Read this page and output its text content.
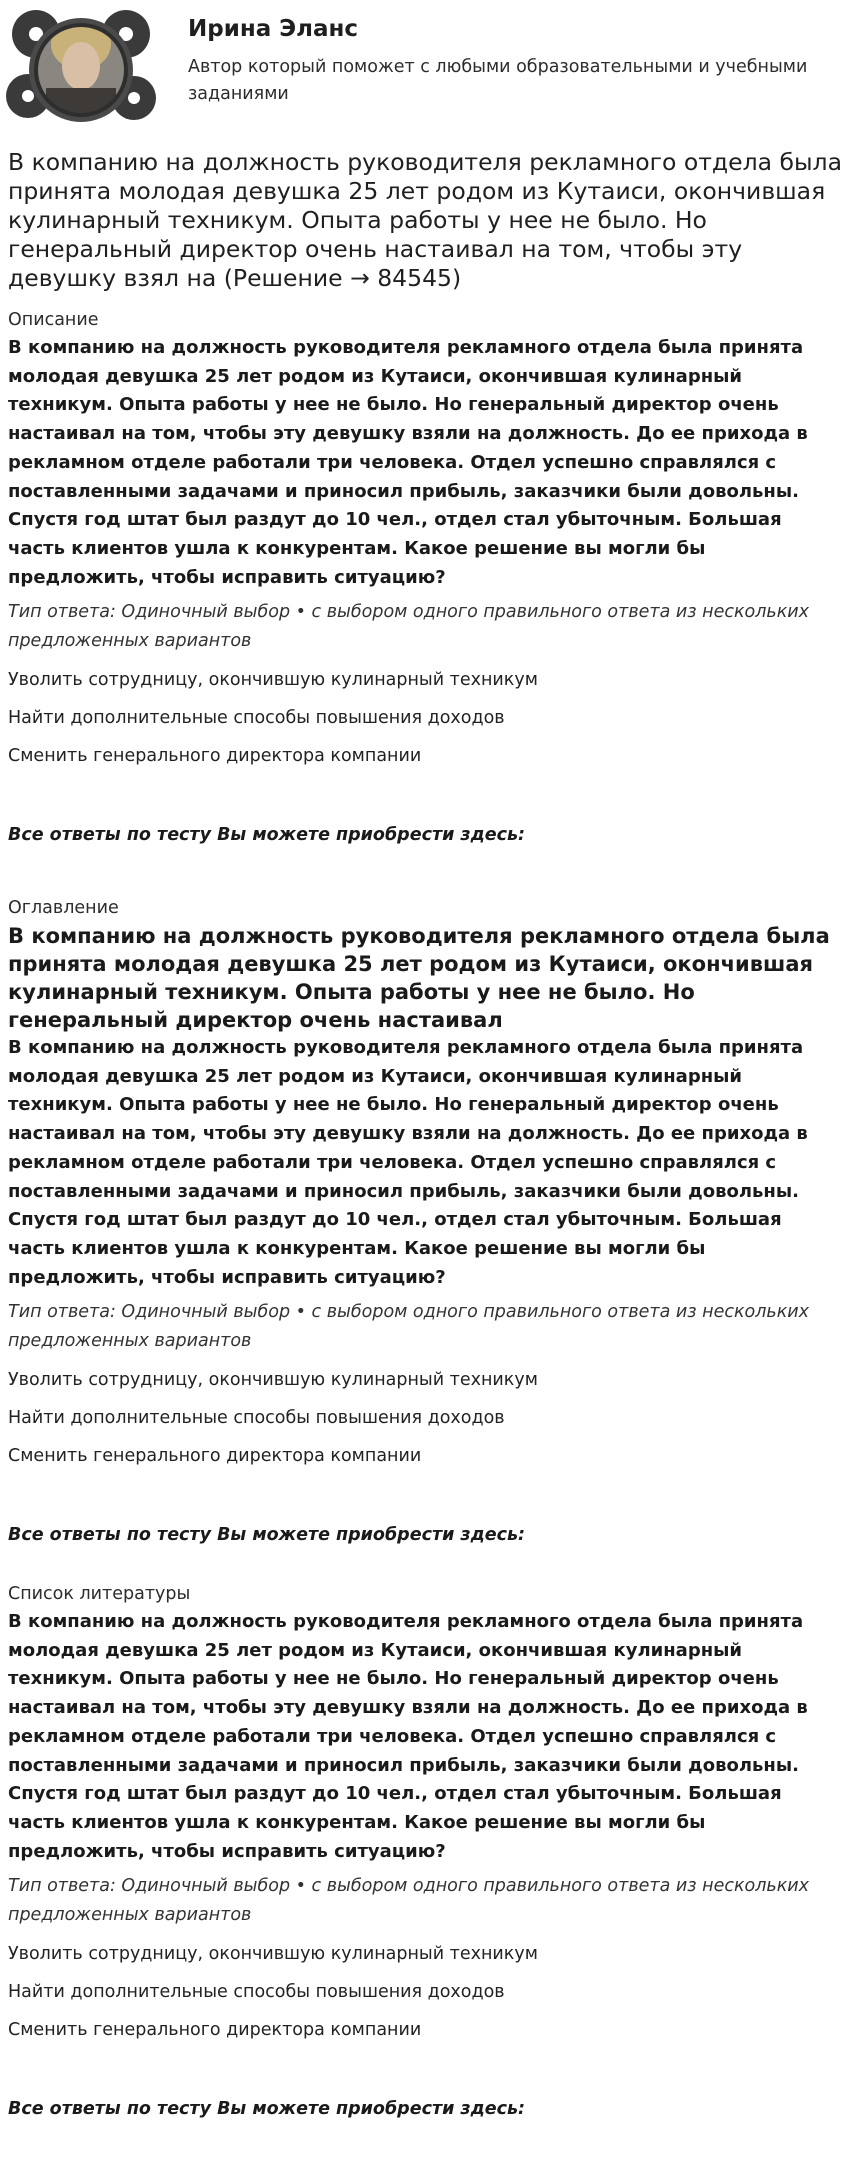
Ирина Эланс
Автор который поможет с любыми образовательными и учебными заданиями
В компанию на должность руководителя рекламного отдела была принята молодая девушка 25 лет родом из Кутаиси, окончившая кулинарный техникум. Опыта работы у нее не было. Но генеральный директор очень настаивал на том, чтобы эту девушку взял на (Решение → 84545)
Описание
В компанию на должность руководителя рекламного отдела была принята молодая девушка 25 лет родом из Кутаиси, окончившая кулинарный техникум. Опыта работы у нее не было. Но генеральный директор очень настаивал на том, чтобы эту девушку взяли на должность. До ее прихода в рекламном отделе работали три человека. Отдел успешно справлялся с поставленными задачами и приносил прибыль, заказчики были довольны. Спустя год штат был раздут до 10 чел., отдел стал убыточным. Большая часть клиентов ушла к конкурентам. Какое решение вы могли бы предложить, чтобы исправить ситуацию?
Тип ответа: Одиночный выбор • с выбором одного правильного ответа из нескольких предложенных вариантов
Уволить сотрудницу, окончившую кулинарный техникум
Найти дополнительные способы повышения доходов
Сменить генерального директора компании
Все ответы по тесту Вы можете приобрести здесь:
Оглавление
В компанию на должность руководителя рекламного отдела была принята молодая девушка 25 лет родом из Кутаиси, окончившая кулинарный техникум. Опыта работы у нее не было. Но генеральный директор очень настаивал
В компанию на должность руководителя рекламного отдела была принята молодая девушка 25 лет родом из Кутаиси, окончившая кулинарный техникум. Опыта работы у нее не было. Но генеральный директор очень настаивал на том, чтобы эту девушку взяли на должность. До ее прихода в рекламном отделе работали три человека. Отдел успешно справлялся с поставленными задачами и приносил прибыль, заказчики были довольны. Спустя год штат был раздут до 10 чел., отдел стал убыточным. Большая часть клиентов ушла к конкурентам. Какое решение вы могли бы предложить, чтобы исправить ситуацию?
Тип ответа: Одиночный выбор • с выбором одного правильного ответа из нескольких предложенных вариантов
Уволить сотрудницу, окончившую кулинарный техникум
Найти дополнительные способы повышения доходов
Сменить генерального директора компании
Все ответы по тесту Вы можете приобрести здесь:
Список литературы
В компанию на должность руководителя рекламного отдела была принята молодая девушка 25 лет родом из Кутаиси, окончившая кулинарный техникум. Опыта работы у нее не было. Но генеральный директор очень настаивал на том, чтобы эту девушку взяли на должность. До ее прихода в рекламном отделе работали три человека. Отдел успешно справлялся с поставленными задачами и приносил прибыль, заказчики были довольны. Спустя год штат был раздут до 10 чел., отдел стал убыточным. Большая часть клиентов ушла к конкурентам. Какое решение вы могли бы предложить, чтобы исправить ситуацию?
Тип ответа: Одиночный выбор • с выбором одного правильного ответа из нескольких предложенных вариантов
Уволить сотрудницу, окончившую кулинарный техникум
Найти дополнительные способы повышения доходов
Сменить генерального директора компании
Все ответы по тесту Вы можете приобрести здесь:
